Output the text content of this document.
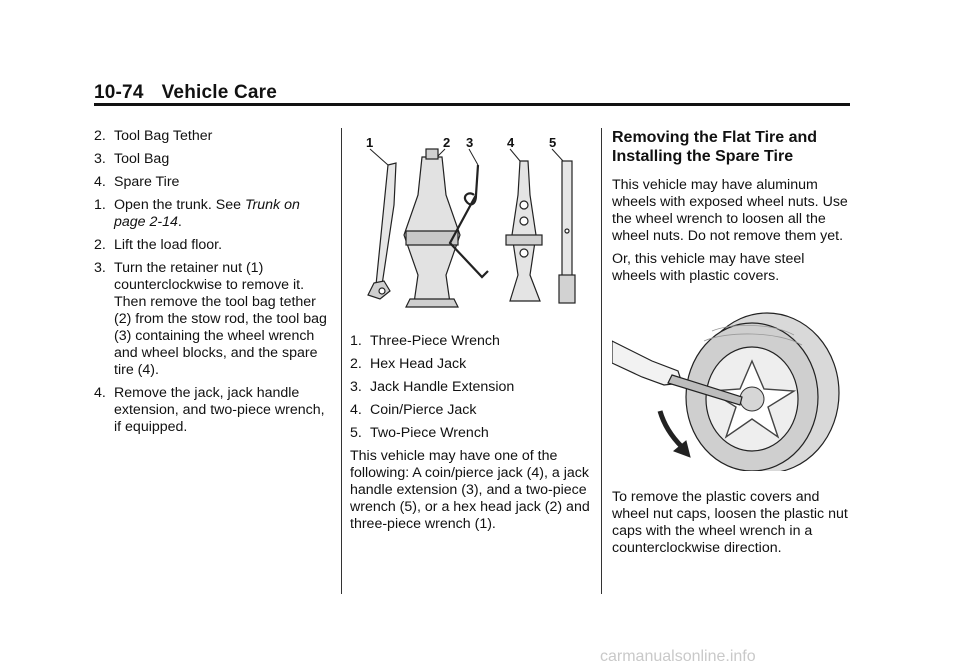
10-74 Vehicle Care
2. Tool Bag Tether
3. Tool Bag
4. Spare Tire
1. Open the trunk. See Trunk on page 2-14.
2. Lift the load floor.
3. Turn the retainer nut (1) counterclockwise to remove it. Then remove the tool bag tether (2) from the stow rod, the tool bag (3) containing the wheel wrench and wheel blocks, and the spare tire (4).
4. Remove the jack, jack handle extension, and two-piece wrench, if equipped.
1	2 3	4	5
1. Three-Piece Wrench
2. Hex Head Jack
3. Jack Handle Extension
4. Coin/Pierce Jack
5. Two-Piece Wrench

This vehicle may have one of the following: A coin/pierce jack (4), a jack handle extension (3), and a two-piece wrench (5), or a hex head jack (2) and three-piece wrench (1).

Removing the Flat Tire and Installing the Spare Tire

This vehicle may have aluminum wheels with exposed wheel nuts. Use the wheel wrench to loosen all the wheel nuts. Do not remove them yet.

Or, this vehicle may have steel wheels with plastic covers.

To remove the plastic covers and wheel nut caps, loosen the plastic nut caps with the wheel wrench in a counterclockwise direction.

carmanualsonline.info
